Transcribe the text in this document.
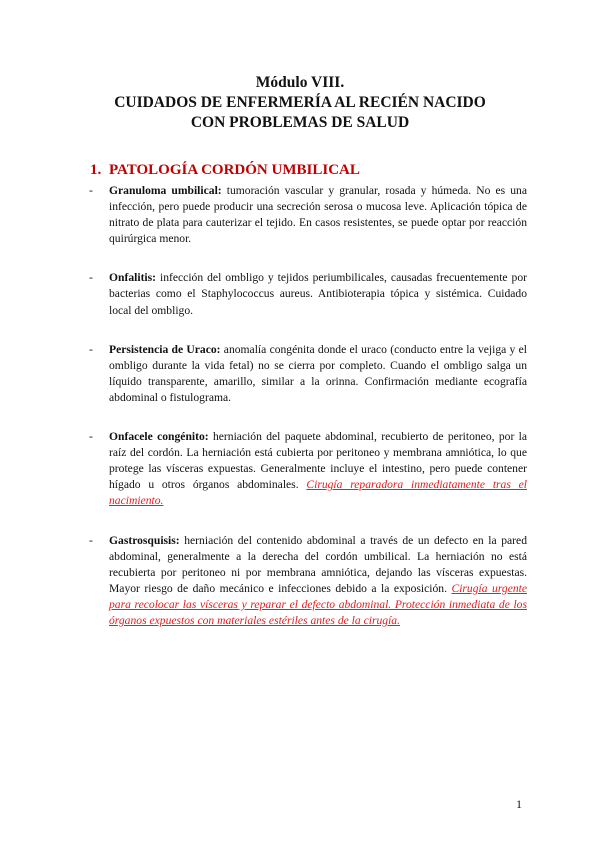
Módulo VIII.
CUIDADOS DE ENFERMERÍA AL RECIÉN NACIDO
CON PROBLEMAS DE SALUD
1. PATOLOGÍA CORDÓN UMBILICAL
- Granuloma umbilical: tumoración vascular y granular, rosada y húmeda. No es una infección, pero puede producir una secreción serosa o mucosa leve. Aplicación tópica de nitrato de plata para cauterizar el tejido. En casos resistentes, se puede optar por reacción quirúrgica menor.
- Onfalitis: infección del ombligo y tejidos periumbilicales, causadas frecuentemente por bacterias como el Staphylococcus aureus. Antibioterapia tópica y sistémica. Cuidado local del ombligo.
- Persistencia de Uraco: anomalía congénita donde el uraco (conducto entre la vejiga y el ombligo durante la vida fetal) no se cierra por completo. Cuando el ombligo salga un líquido transparente, amarillo, similar a la orinna. Confirmación mediante ecografía abdominal o fistulograma.
- Onfacele congénito: herniación del paquete abdominal, recubierto de peritoneo, por la raíz del cordón. La herniación está cubierta por peritoneo y membrana amniótica, lo que protege las vísceras expuestas. Generalmente incluye el intestino, pero puede contener hígado u otros órganos abdominales. Cirugía reparadora inmediatamente tras el nacimiento.
- Gastrosquisis: herniación del contenido abdominal a través de un defecto en la pared abdominal, generalmente a la derecha del cordón umbilical. La herniación no está recubierta por peritoneo ni por membrana amniótica, dejando las vísceras expuestas. Mayor riesgo de daño mecánico e infecciones debido a la exposición. Cirugía urgente para recolocar las vísceras y reparar el defecto abdominal. Protección inmediata de los órganos expuestos con materiales estériles antes de la cirugía.
1
